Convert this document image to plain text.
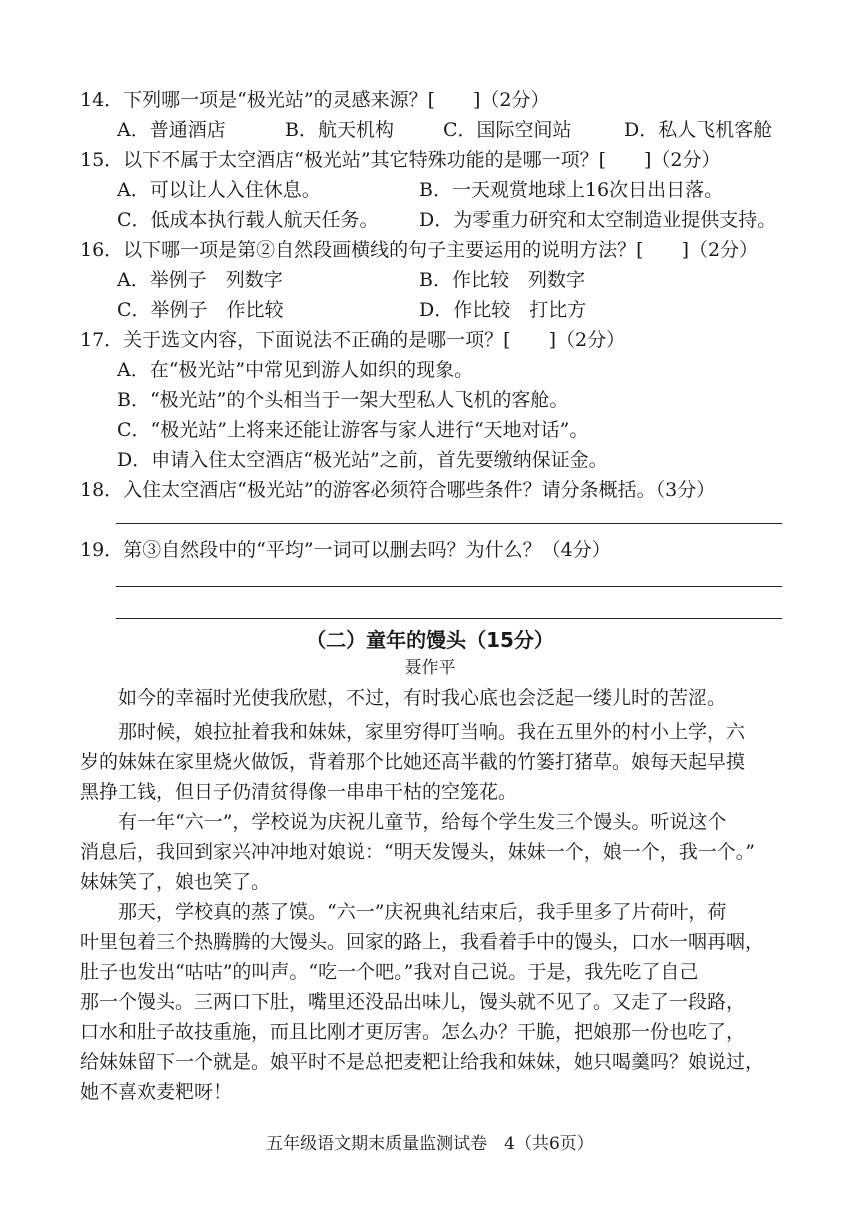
14．下列哪一项是“极光站”的灵感来源？[　　]（2分）
A．普通酒店	B．航天机构	C．国际空间站	D．私人飞机客舱
15．以下不属于太空酒店“极光站”其它特殊功能的是哪一项？[　　]（2分）
A．可以让人入住休息。	B．一天观赏地球上16次日出日落。
C．低成本执行载人航天任务。 D．为零重力研究和太空制造业提供支持。
16．以下哪一项是第②自然段画横线的句子主要运用的说明方法？[　　]（2分）
A．举例子　列数字	B．作比较　列数字
C．举例子　作比较	D．作比较　打比方
17．关于选文内容，下面说法不正确的是哪一项？[　　]（2分）
A．在“极光站”中常见到游人如织的现象。
B．“极光站”的个头相当于一架大型私人飞机的客舱。
C．“极光站”上将来还能让游客与家人进行“天地对话”。
D．申请入住太空酒店“极光站”之前，首先要缴纳保证金。
18．入住太空酒店“极光站”的游客必须符合哪些条件？请分条概括。（3分）
19．第③自然段中的“平均”一词可以删去吗？为什么？（4分）
（二）童年的馒头（15分）
聂作平
如今的幸福时光使我欣慰，不过，有时我心底也会泛起一缕儿时的苦涩。
那时候，娘拉扯着我和妹妹，家里穷得叮当响。我在五里外的村小上学，六
岁的妹妹在家里烧火做饭，背着那个比她还高半截的竹篓打猪草。娘每天起早摸
黑挣工钱，但日子仍清贫得像一串串干枯的空笼花。
有一年“六一”，学校说为庆祝儿童节，给每个学生发三个馒头。听说这个
消息后，我回到家兴冲冲地对娘说：“明天发馒头，妹妹一个，娘一个，我一个。”
妹妹笑了，娘也笑了。
那天，学校真的蒸了馍。“六一”庆祝典礼结束后，我手里多了片荷叶，荷
叶里包着三个热腾腾的大馒头。回家的路上，我看着手中的馒头，口水一咽再咽，
肚子也发出“咕咕”的叫声。“吃一个吧。”我对自己说。于是，我先吃了自己
那一个馒头。三两口下肚，嘴里还没品出味儿，馒头就不见了。又走了一段路，
口水和肚子故技重施，而且比刚才更厉害。怎么办？干脆，把娘那一份也吃了，
给妹妹留下一个就是。娘平时不是总把麦粑让给我和妹妹，她只喝羹吗？娘说过，
她不喜欢麦粑呀！
五年级语文期末质量监测试卷　4（共6页）
